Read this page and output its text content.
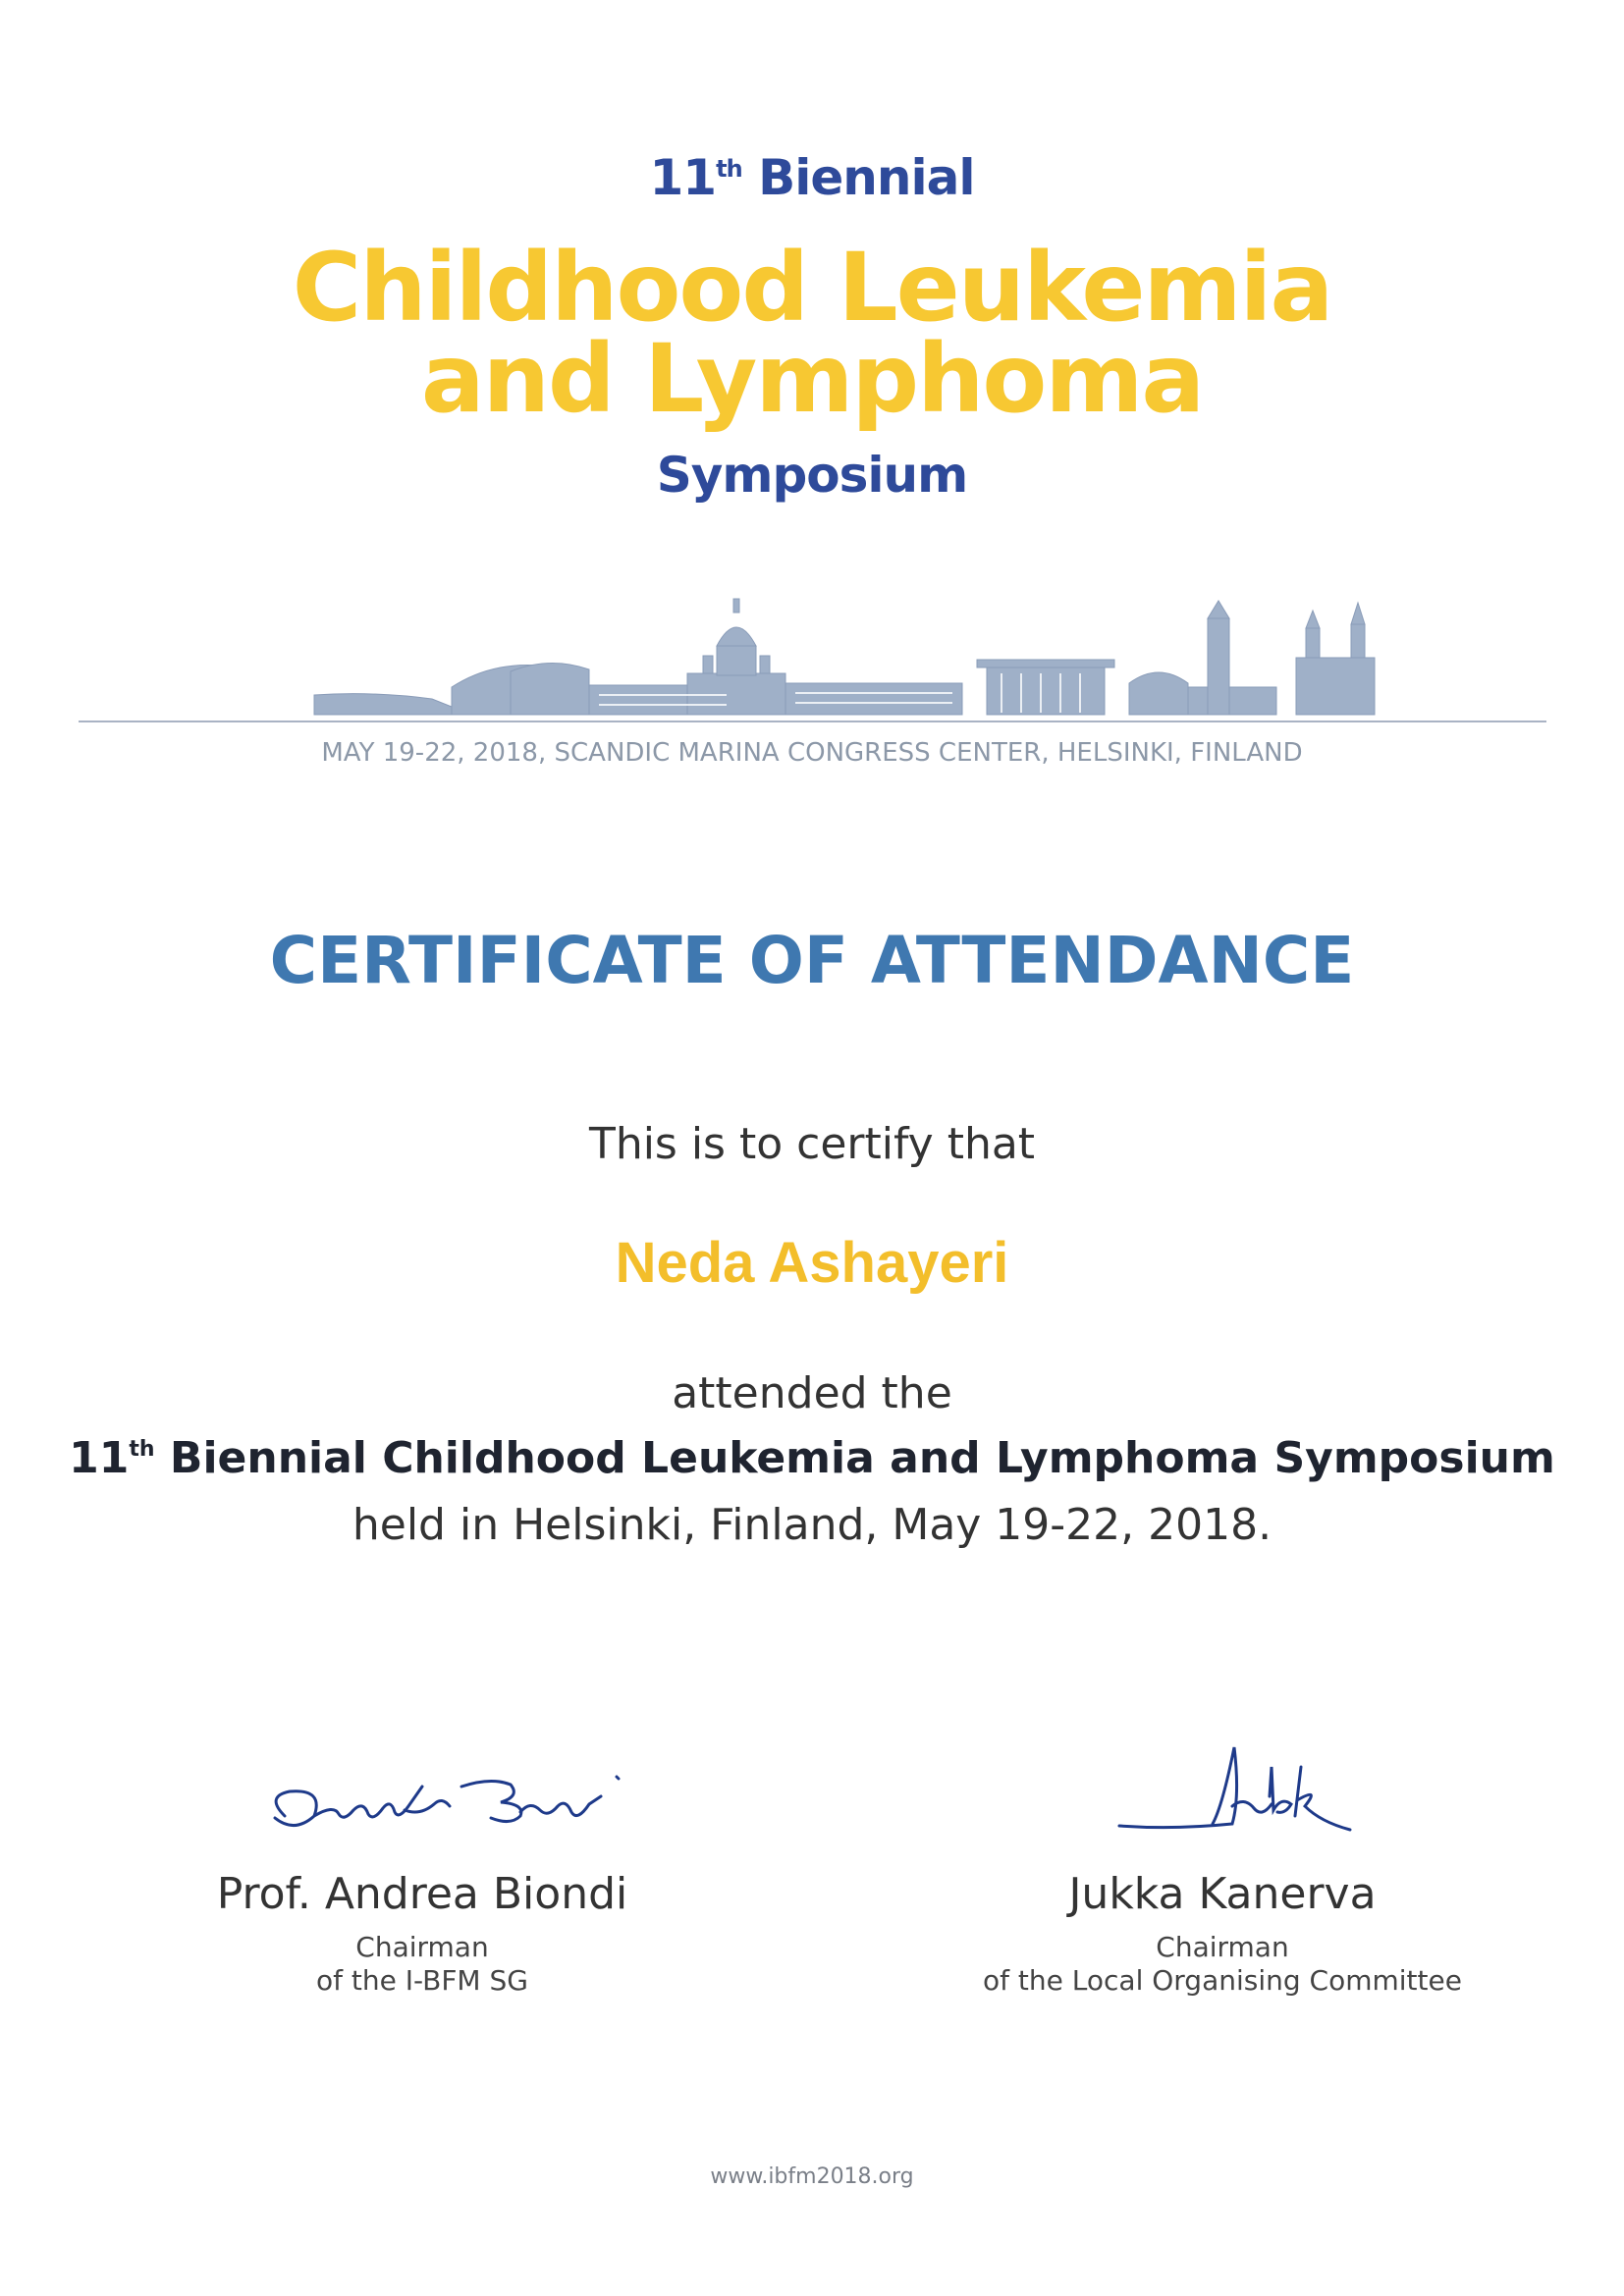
11th Biennial
Childhood Leukemia
and Lymphoma
Symposium
MAY 19-22, 2018, SCANDIC MARINA CONGRESS CENTER, HELSINKI, FINLAND
CERTIFICATE OF ATTENDANCE
This is to certify that
Neda Ashayeri
attended the
11th Biennial Childhood Leukemia and Lymphoma Symposium
held in Helsinki, Finland, May 19-22, 2018.
Prof. Andrea Biondi
Chairman
of the I-BFM SG
Jukka Kanerva
Chairman
of the Local Organising Committee
www.ibfm2018.org
